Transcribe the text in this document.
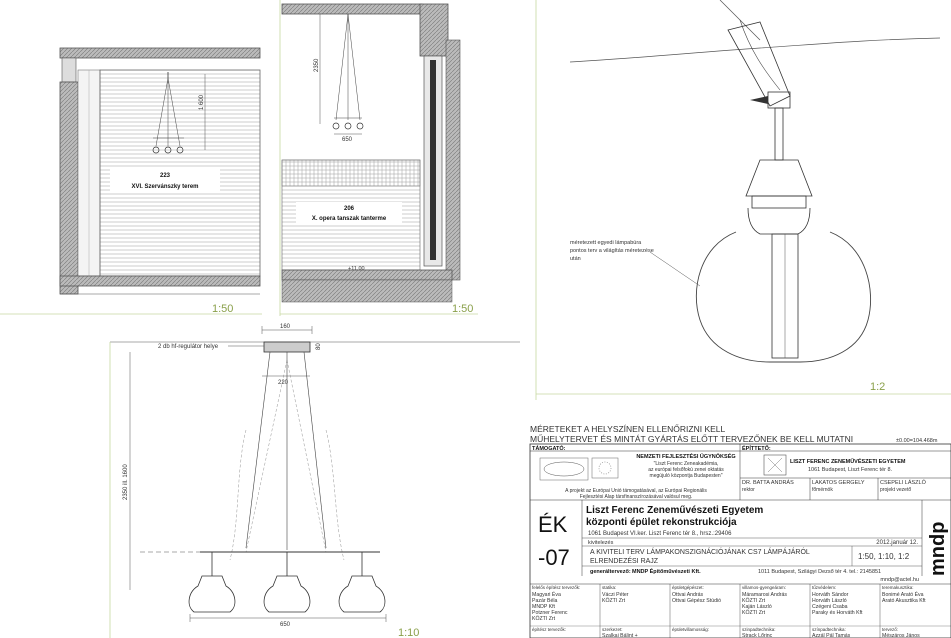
1 600
223
XVI. Szervánszky terem
1:50
2350
650
206
X. opera tanszak tanterme
+11.00
1:50
méretezett egyedi lámpabúra
pontos terv a világítás méretezése
után
1:2
160
80
2 db hf-regulátor helye
220
2350 ill. 1600
650
1:10
MÉRETEKET A HELYSZÍNEN ELLENŐRIZNI KELL
MŰHELYTERVET ÉS MINTÁT GYÁRTÁS ELŐTT TERVEZŐNEK BE KELL MUTATNI	±0.00=104.468m
TÁMOGATÓ:	ÉPÍTTETŐ:
NEMZETI FEJLESZTÉSI ÜGYNÖKSÉG
"Liszt Ferenc Zeneakadémia,
az európai felsőfokú zenei oktatás
megújuló központja Budapesten"
A projekt az Európai Unió támogatásával, az Európai Regionális
Fejlesztési Alap társfinanszírozásával valósul meg.
LISZT FERENC ZENEMŰVÉSZETI EGYETEM
1061 Budapest, Liszt Ferenc tér 8.
DR. BATTA ANDRÁS
rektor
LAKATOS GERGELY
főmérnök
CSEPELI LÁSZLÓ
projekt vezető
ÉK
-07
Liszt Ferenc Zeneművészeti Egyetem
központi épület rekonstrukciója
1061 Budapest VI.ker. Liszt Ferenc tér 8., hrsz.:29406
kivitelezés	2012.január 12.
A KIVITELI TERV LÁMPAKONSZIGNÁCIÓJÁNAK CS7 LÁMPÁJÁRÓL
ELRENDEZÉSI RAJZ
1:50, 1:10, 1:2
generáltervező: MNDP Építőművészeti Kft.	1011 Budapest, Szilágyi Dezső tér 4. tel.: 2145851
mndp@actel.hu
mndp
felelős építész tervezők:
Magyari Éva
Pazár Béla
MNDP Kft
Potzner Ferenc
KÖZTI Zrt
építész tervezők:
statika:
Váczi Péter
KÖZTI Zrt
szerkezet:
Szalkai Bálint +
épületgépészet:
Ottvai András
Ottvai Gépész Stúdió
épületvillamosság:
villamos-gyengeáram:
Máramarosi András
KÖZTI Zrt
Kaján László
KÖZTI Zrt
szinpadtechnika:
Strack Lőrinc
tűzvédelem:
Horváth Sándor
Horváth László
Czégeni Csaba
Paraky és Horváth Kft
színpadtechnika:
Azzál Pál Tamás
teremakusztika:
Bonimé Arató Éva
Arató Akusztika Kft
tervező:
Mészáros János
